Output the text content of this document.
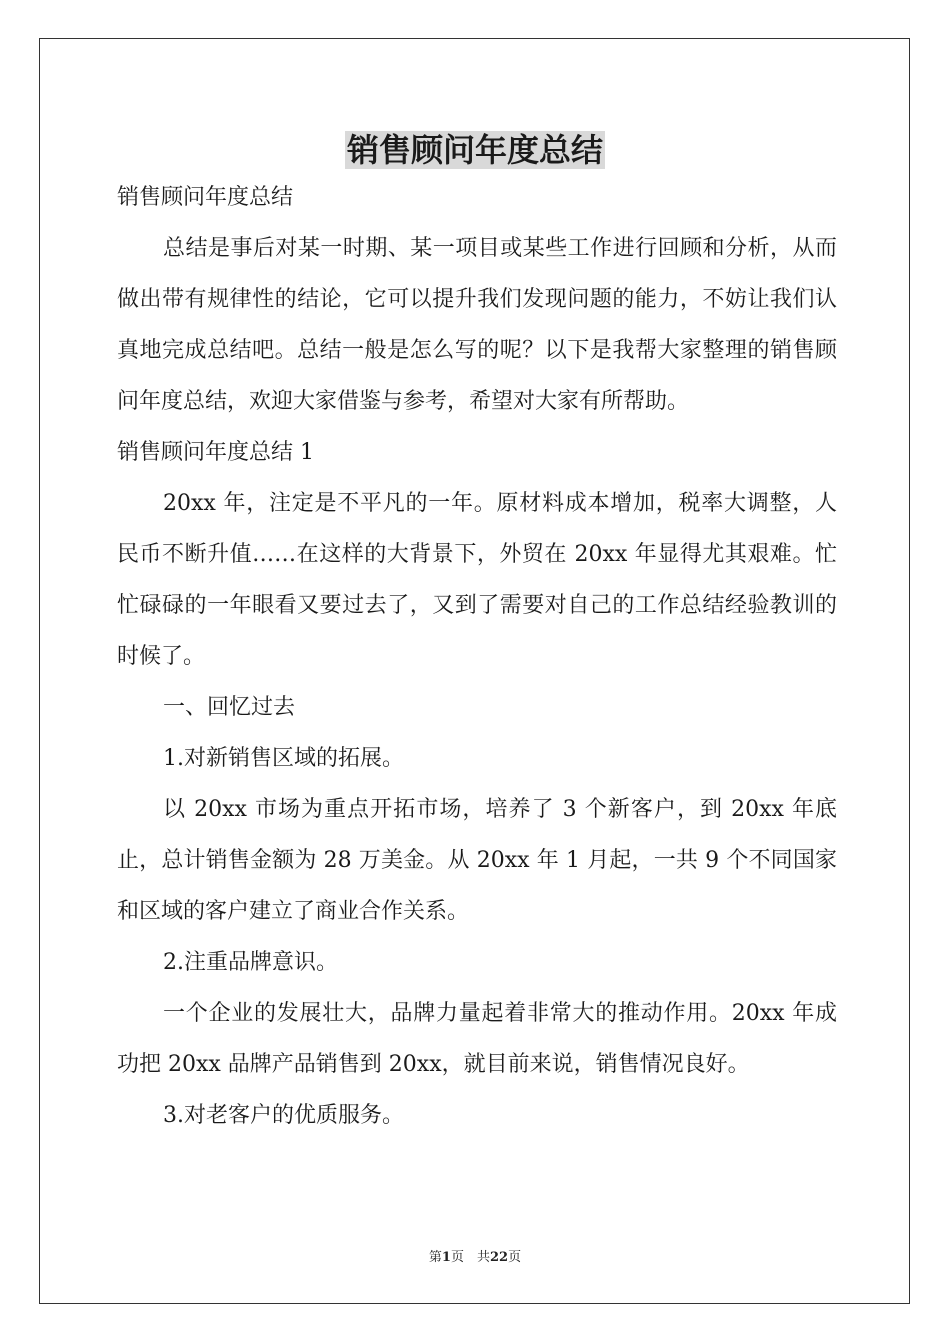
销售顾问年度总结

销售顾问年度总结

总结是事后对某一时期、某一项目或某些工作进行回顾和分析，从而做出带有规律性的结论，它可以提升我们发现问题的能力，不妨让我们认真地完成总结吧。总结一般是怎么写的呢？以下是我帮大家整理的销售顾问年度总结，欢迎大家借鉴与参考，希望对大家有所帮助。

销售顾问年度总结 1

20xx 年，注定是不平凡的一年。原材料成本增加，税率大调整，人民币不断升值……在这样的大背景下，外贸在 20xx 年显得尤其艰难。忙忙碌碌的一年眼看又要过去了，又到了需要对自己的工作总结经验教训的时候了。

一、回忆过去

1.对新销售区域的拓展。

以 20xx 市场为重点开拓市场，培养了 3 个新客户，到 20xx 年底止，总计销售金额为 28 万美金。从 20xx 年 1 月起，一共 9 个不同国家和区域的客户建立了商业合作关系。

2.注重品牌意识。

一个企业的发展壮大，品牌力量起着非常大的推动作用。20xx 年成功把 20xx 品牌产品销售到 20xx，就目前来说，销售情况良好。

3.对老客户的优质服务。

第1页　共22页
